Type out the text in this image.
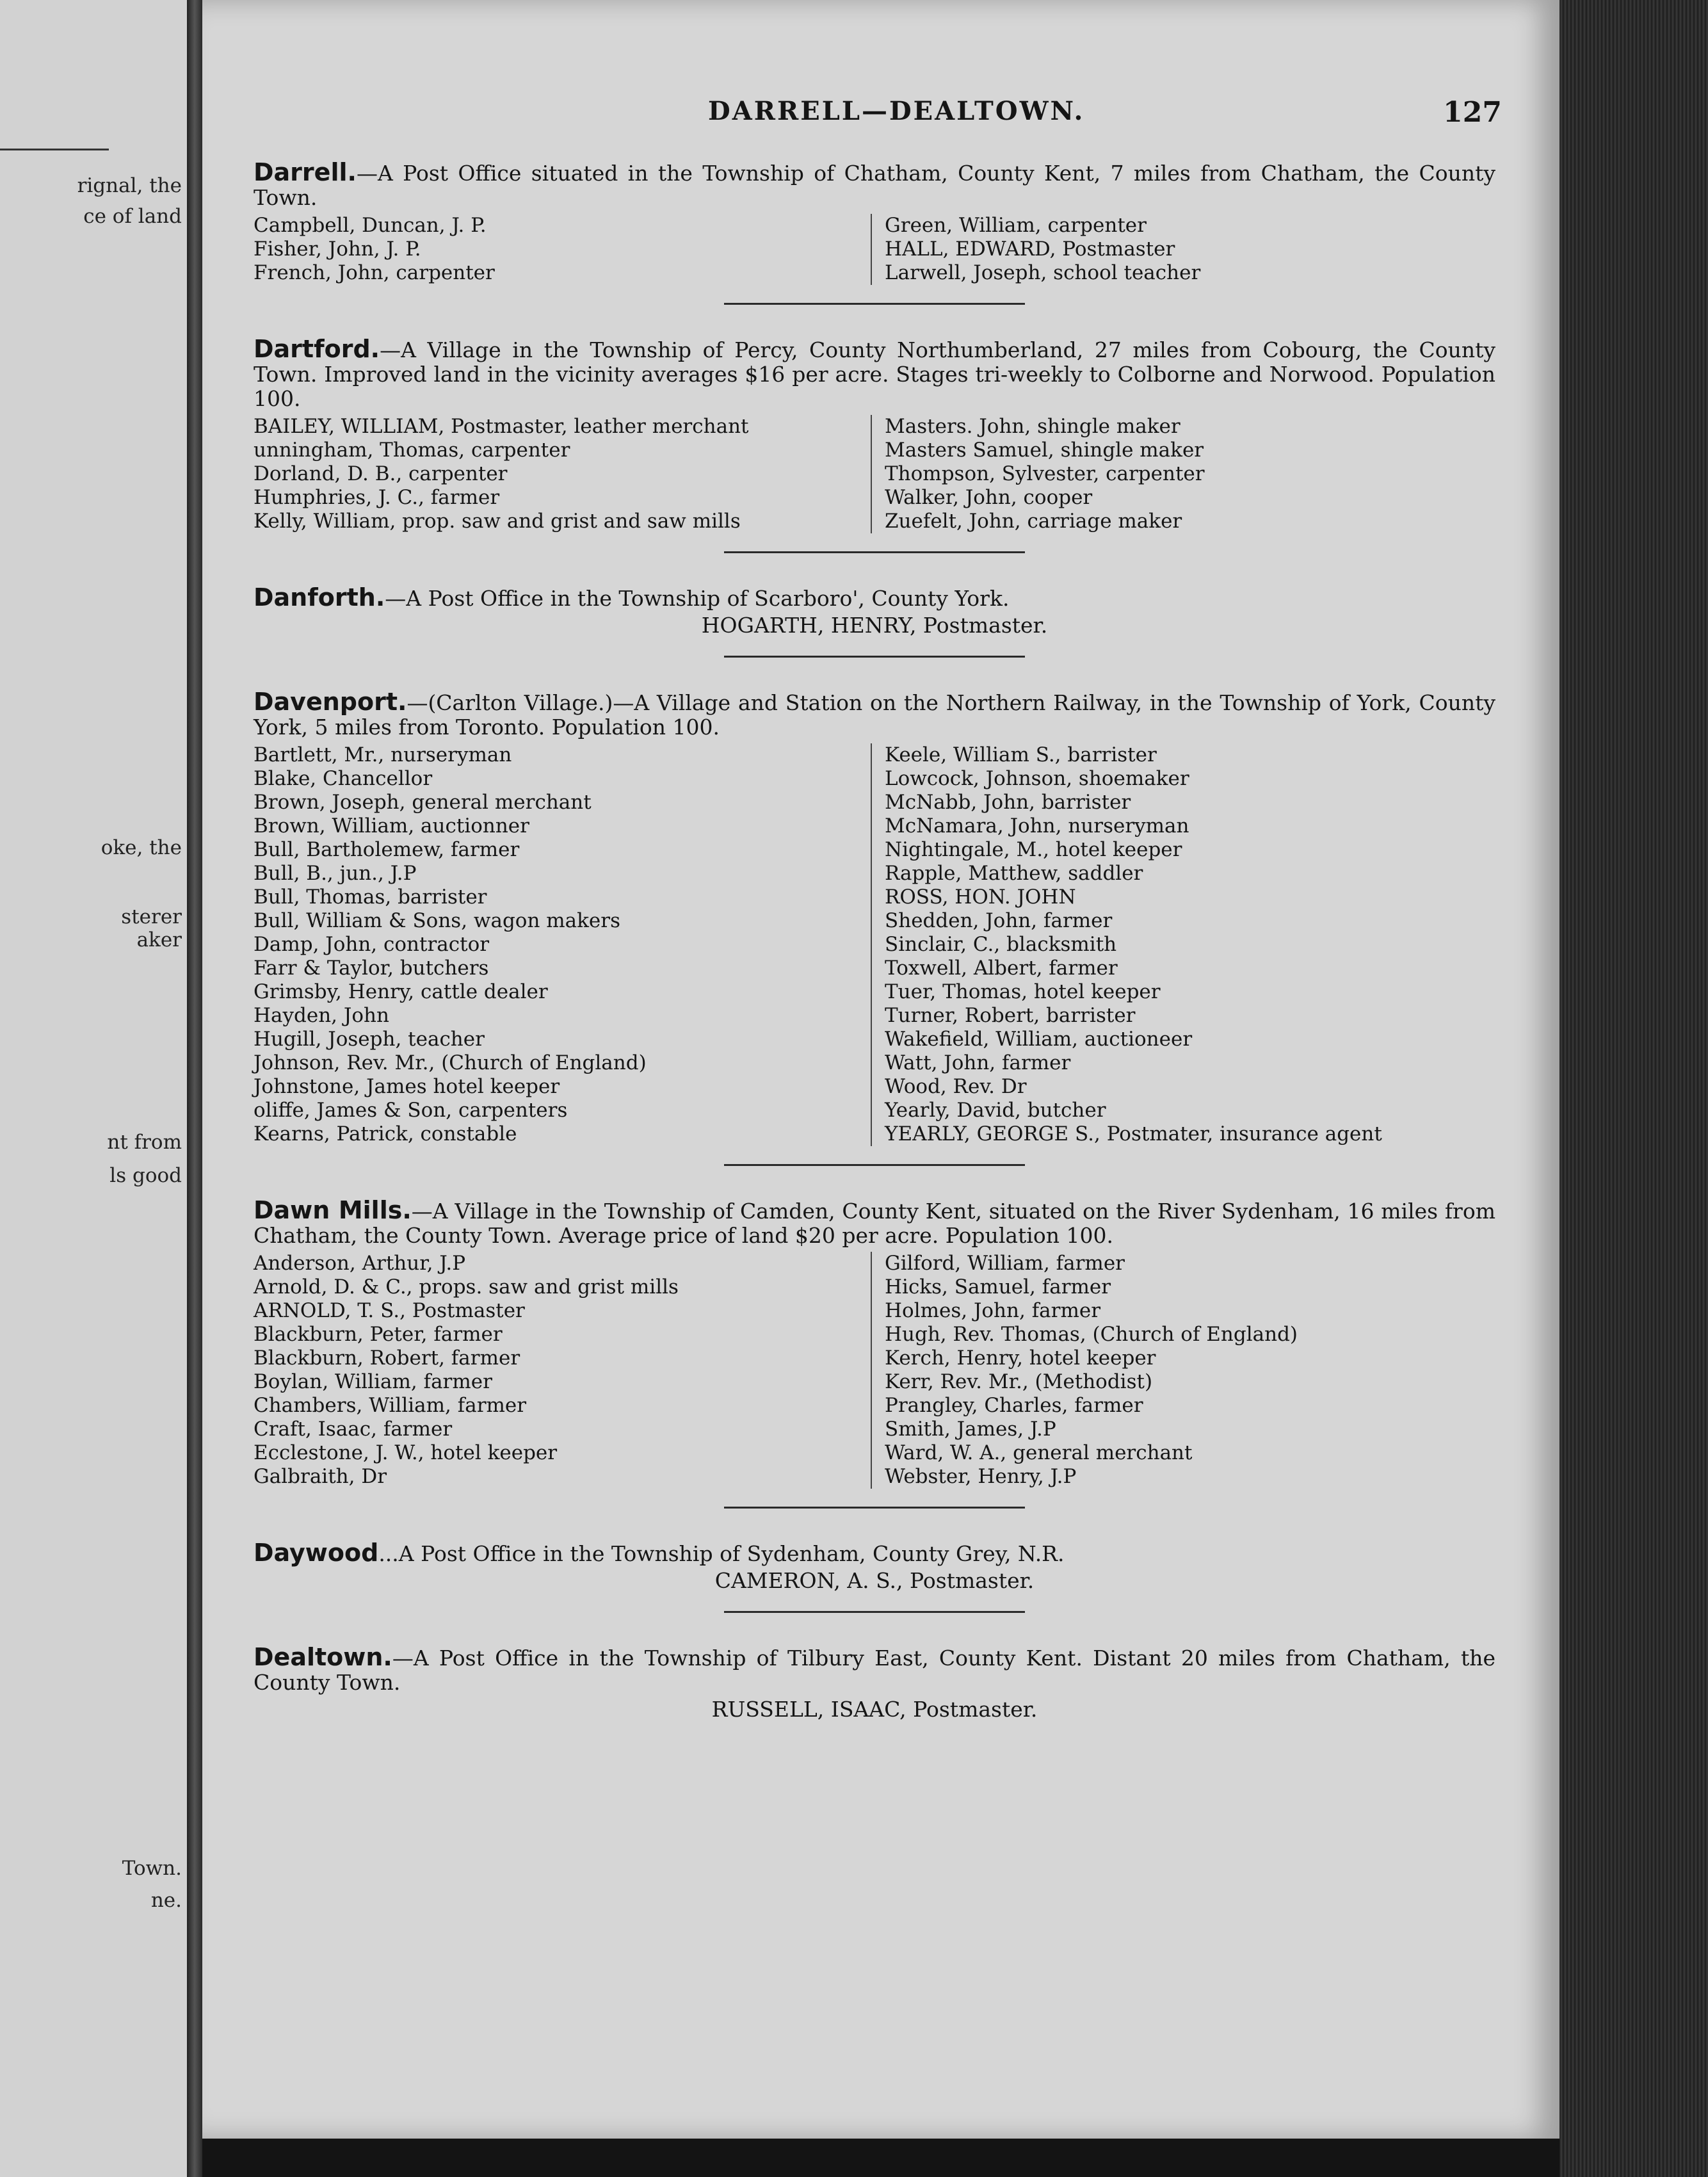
rignal, the
ce of land
oke, the
sterer
aker
nt from
ls good
Town.
ne.
DARRELL—DEALTOWN.	127

Darrell.—A Post Office situated in the Township of Chatham, County Kent, 7 miles from Chatham, the County Town.

Campbell, Duncan, J. P.
Fisher, John, J. P.
French, John, carpenter
Green, William, carpenter
HALL, EDWARD, Postmaster
Larwell, Joseph, school teacher

Dartford.—A Village in the Township of Percy, County Northumberland, 27 miles from Cobourg, the County Town. Improved land in the vicinity averages $16 per acre. Stages tri-weekly to Colborne and Norwood. Population 100.

BAILEY, WILLIAM, Postmaster, leather merchant
unningham, Thomas, carpenter
Dorland, D. B., carpenter
Humphries, J. C., farmer
Kelly, William, prop. saw and grist and saw mills
Masters. John, shingle maker
Masters Samuel, shingle maker
Thompson, Sylvester, carpenter
Walker, John, cooper
Zuefelt, John, carriage maker

Danforth.—A Post Office in the Township of Scarboro', County York.

HOGARTH, HENRY, Postmaster.

Davenport.—(Carlton Village.)—A Village and Station on the Northern Railway, in the Township of York, County York, 5 miles from Toronto. Population 100.

Bartlett, Mr., nurseryman
Blake, Chancellor
Brown, Joseph, general merchant
Brown, William, auctionner
Bull, Bartholemew, farmer
Bull, B., jun., J.P
Bull, Thomas, barrister
Bull, William & Sons, wagon makers
Damp, John, contractor
Farr & Taylor, butchers
Grimsby, Henry, cattle dealer
Hayden, John
Hugill, Joseph, teacher
Johnson, Rev. Mr., (Church of England)
Johnstone, James hotel keeper
oliffe, James & Son, carpenters
Kearns, Patrick, constable
Keele, William S., barrister
Lowcock, Johnson, shoemaker
McNabb, John, barrister
McNamara, John, nurseryman
Nightingale, M., hotel keeper
Rapple, Matthew, saddler
ROSS, HON. JOHN
Shedden, John, farmer
Sinclair, C., blacksmith
Toxwell, Albert, farmer
Tuer, Thomas, hotel keeper
Turner, Robert, barrister
Wakefield, William, auctioneer
Watt, John, farmer
Wood, Rev. Dr
Yearly, David, butcher
YEARLY, GEORGE S., Postmater, insurance agent

Dawn Mills.—A Village in the Township of Camden, County Kent, situated on the River Sydenham, 16 miles from Chatham, the County Town. Average price of land $20 per acre. Population 100.

Anderson, Arthur, J.P
Arnold, D. & C., props. saw and grist mills
ARNOLD, T. S., Postmaster
Blackburn, Peter, farmer
Blackburn, Robert, farmer
Boylan, William, farmer
Chambers, William, farmer
Craft, Isaac, farmer
Ecclestone, J. W., hotel keeper
Galbraith, Dr
Gilford, William, farmer
Hicks, Samuel, farmer
Holmes, John, farmer
Hugh, Rev. Thomas, (Church of England)
Kerch, Henry, hotel keeper
Kerr, Rev. Mr., (Methodist)
Prangley, Charles, farmer
Smith, James, J.P
Ward, W. A., general merchant
Webster, Henry, J.P

Daywood...A Post Office in the Township of Sydenham, County Grey, N.R.

CAMERON, A. S., Postmaster.

Dealtown.—A Post Office in the Township of Tilbury East, County Kent. Distant 20 miles from Chatham, the County Town.

RUSSELL, ISAAC, Postmaster.
